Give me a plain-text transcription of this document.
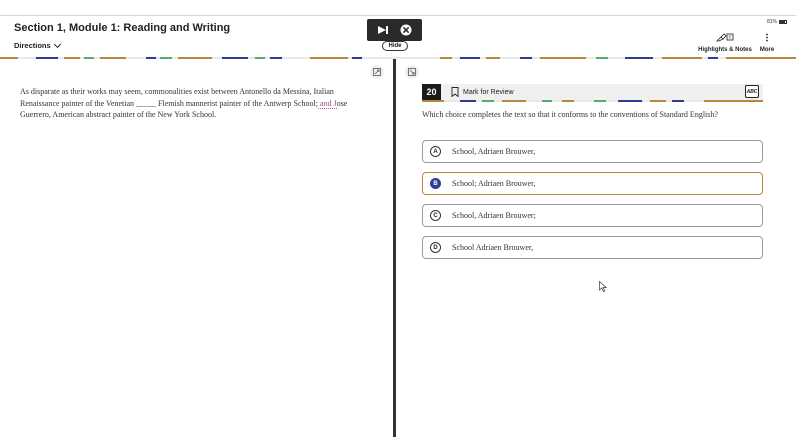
Section 1, Module 1: Reading and Writing
Directions	Hide
81%
Highlights & Notes	More
As disparate as their works may seem, commonalities exist between Antonello da Messina, Italian Renaissance painter of the Venetian _____ Flemish mannerist painter of the Antwerp School; and Jose Guerrero, American abstract painter of the New York School.
20	Mark for Review	ABC
Which choice completes the text so that it conforms to the conventions of Standard English?
A	School, Adriaen Brouwer,
B	School; Adriaen Brouwer,
C	School, Adriaen Brouwer;
D	School Adriaen Brouwer,
